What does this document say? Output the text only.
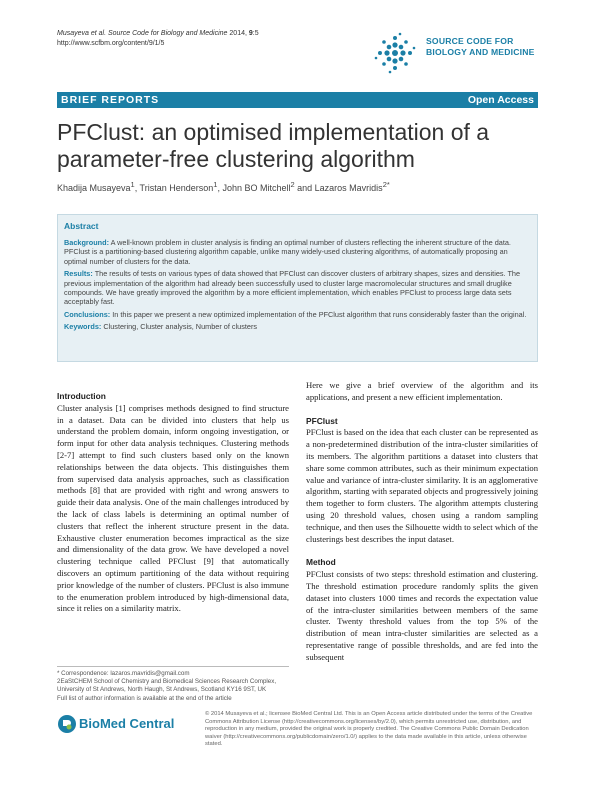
Musayeva et al. Source Code for Biology and Medicine 2014, 9:5
http://www.scfbm.org/content/9/1/5	SOURCE CODE FOR
BIOLOGY AND MEDICINE
BRIEF REPORTS	Open Access
PFClust: an optimised implementation of a
parameter-free clustering algorithm
Khadija Musayeva$^1$, Tristan Henderson$^1$, John BO Mitchell$^2$ and Lazaros Mavridis$^{2*}$
Abstract

Background: A well-known problem in cluster analysis is finding an optimal number of clusters reflecting the inherent structure of the data. PFClust is a partitioning-based clustering algorithm capable, unlike many widely-used clustering algorithms, of automatically proposing an optimal number of clusters for the data.

Results: The results of tests on various types of data showed that PFClust can discover clusters of arbitrary shapes, sizes and densities. The previous implementation of the algorithm had already been successfully used to cluster large macromolecular structures and small druglike compounds. We have greatly improved the algorithm by a more efficient implementation, which enables PFClust to process large data sets acceptably fast.

Conclusions: In this paper we present a new optimized implementation of the PFClust algorithm that runs considerably faster than the original.

Keywords: Clustering, Cluster analysis, Number of clusters

Introduction

Cluster analysis [1] comprises methods designed to find structure in a dataset. Data can be divided into clusters that help us understand the problem domain, inform ongoing investigation, or form input for other data analysis techniques. Clustering methods [2-7] attempt to find such clusters based only on the known relationships between the data objects. This distinguishes them from supervised data analysis approaches, such as classification methods [8] that are provided with right and wrong answers to guide their data analysis. One of the main challenges introduced by the lack of class labels is determining an optimal number of clusters that reflect the inherent structure present in the data. Exhaustive cluster enumeration becomes impractical as the size and dimensionality of the data grow. We have developed a novel clustering technique called PFClust [9] that automatically discovers an optimum partitioning of the data without requiring prior knowledge of the number of clusters. PFClust is also immune to the enumeration problem introduced by high-dimensional data, since it relies on a similarity matrix.

Here we give a brief overview of the algorithm and its applications, and present a new efficient implementation.

PFClust

PFClust is based on the idea that each cluster can be represented as a non-predetermined distribution of the intra-cluster similarities of its members. The algorithm partitions a dataset into clusters that share some common attributes, such as their minimum expectation value and variance of intra-cluster similarity. It is an agglomerative algorithm, starting with separated objects and progressively joining them together to form clusters. The algorithm attempts clustering using 20 threshold values, chosen using a random sampling technique, and then uses the Silhouette width to select which of the clusterings best describes the input dataset.

Method

PFClust consists of two steps: threshold estimation and clustering. The threshold estimation procedure randomly splits the given dataset into clusters 1000 times and records the expectation value of the intra-cluster similarities between members of the same cluster. Twenty threshold values from the top 5% of the distribution of mean intra-cluster similarities are selected as a representative range of possible thresholds, and are fed into the subsequent

* Correspondence: lazaros.mavridis@gmail.com
2EaStCHEM School of Chemistry and Biomedical Sciences Research Complex, University of St Andrews, North Haugh, St Andrews, Scotland KY16 9ST, UK
Full list of author information is available at the end of the article
BioMed Central
© 2014 Musayeva et al.; licensee BioMed Central Ltd. This is an Open Access article distributed under the terms of the Creative Commons Attribution License (http://creativecommons.org/licenses/by/2.0), which permits unrestricted use, distribution, and reproduction in any medium, provided the original work is properly credited. The Creative Commons Public Domain Dedication waiver (http://creativecommons.org/publicdomain/zero/1.0/) applies to the data made available in this article, unless otherwise stated.
